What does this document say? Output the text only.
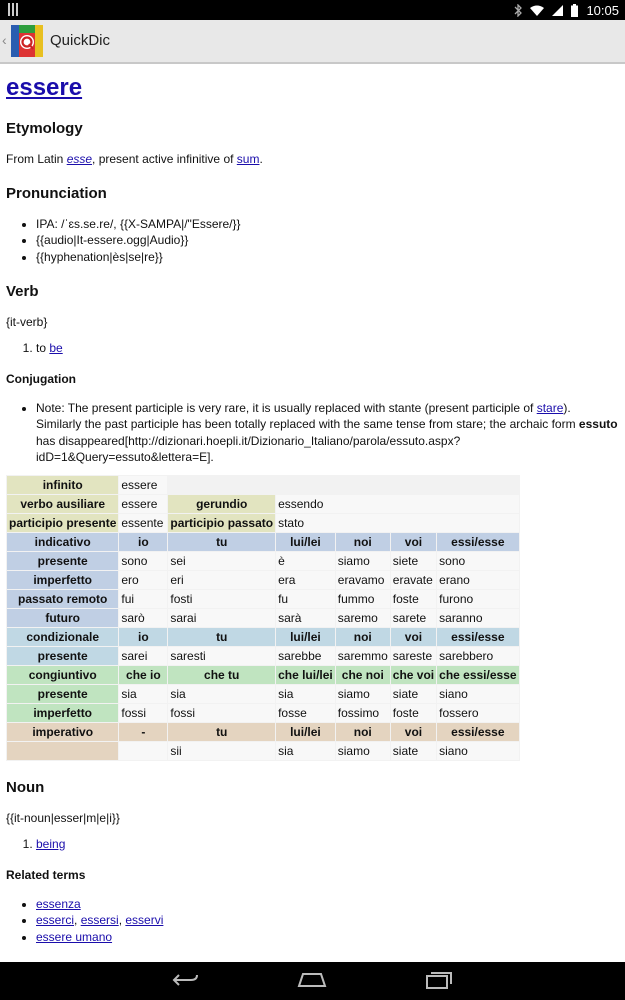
10:05
‹	QuickDic
essere
Etymology

From Latin esse, present active infinitive of sum.

Pronunciation
• IPA: /ˈɛs.se.re/, {{X-SAMPA|/"Essere/}}
• {{audio|It-essere.ogg|Audio}}
• {{hyphenation|ès|se|re}}
Verb

{it-verb}

1. to be
Conjugation
• Note: The present participle is very rare, it is usually replaced with stante (present participle of stare). Similarly the past participle has been totally replaced with the same tense from stare; the archaic form essuto has disappeared[http://dizionari.hoepli.it/Dizionario_Italiano/parola/essuto.aspx?idD=1&Query=essuto&lettera=E].
infinito	essere					
verbo ausiliare	essere	gerundio	essendo			
participio presente	essente	participio passato	stato			
indicativo	io	tu	lui/lei	noi	voi	essi/esse
presente	sono	sei	è	siamo	siete	sono
imperfetto	ero	eri	era	eravamo	eravate	erano
passato remoto	fui	fosti	fu	fummo	foste	furono
futuro	sarò	sarai	sarà	saremo	sarete	saranno
condizionale	io	tu	lui/lei	noi	voi	essi/esse
presente	sarei	saresti	sarebbe	saremmo	sareste	sarebbero
congiuntivo	che io	che tu	che lui/lei	che noi	che voi	che essi/esse
presente	sia	sia	sia	siamo	siate	siano
imperfetto	fossi	fossi	fosse	fossimo	foste	fossero
imperativo	-	tu	lui/lei	noi	voi	essi/esse
		sii	sia	siamo	siate	siano
Noun

{{it-noun|esser|m|e|i}}

1. being
Related terms
• essenza
• esserci, essersi, esservi
• essere umano
